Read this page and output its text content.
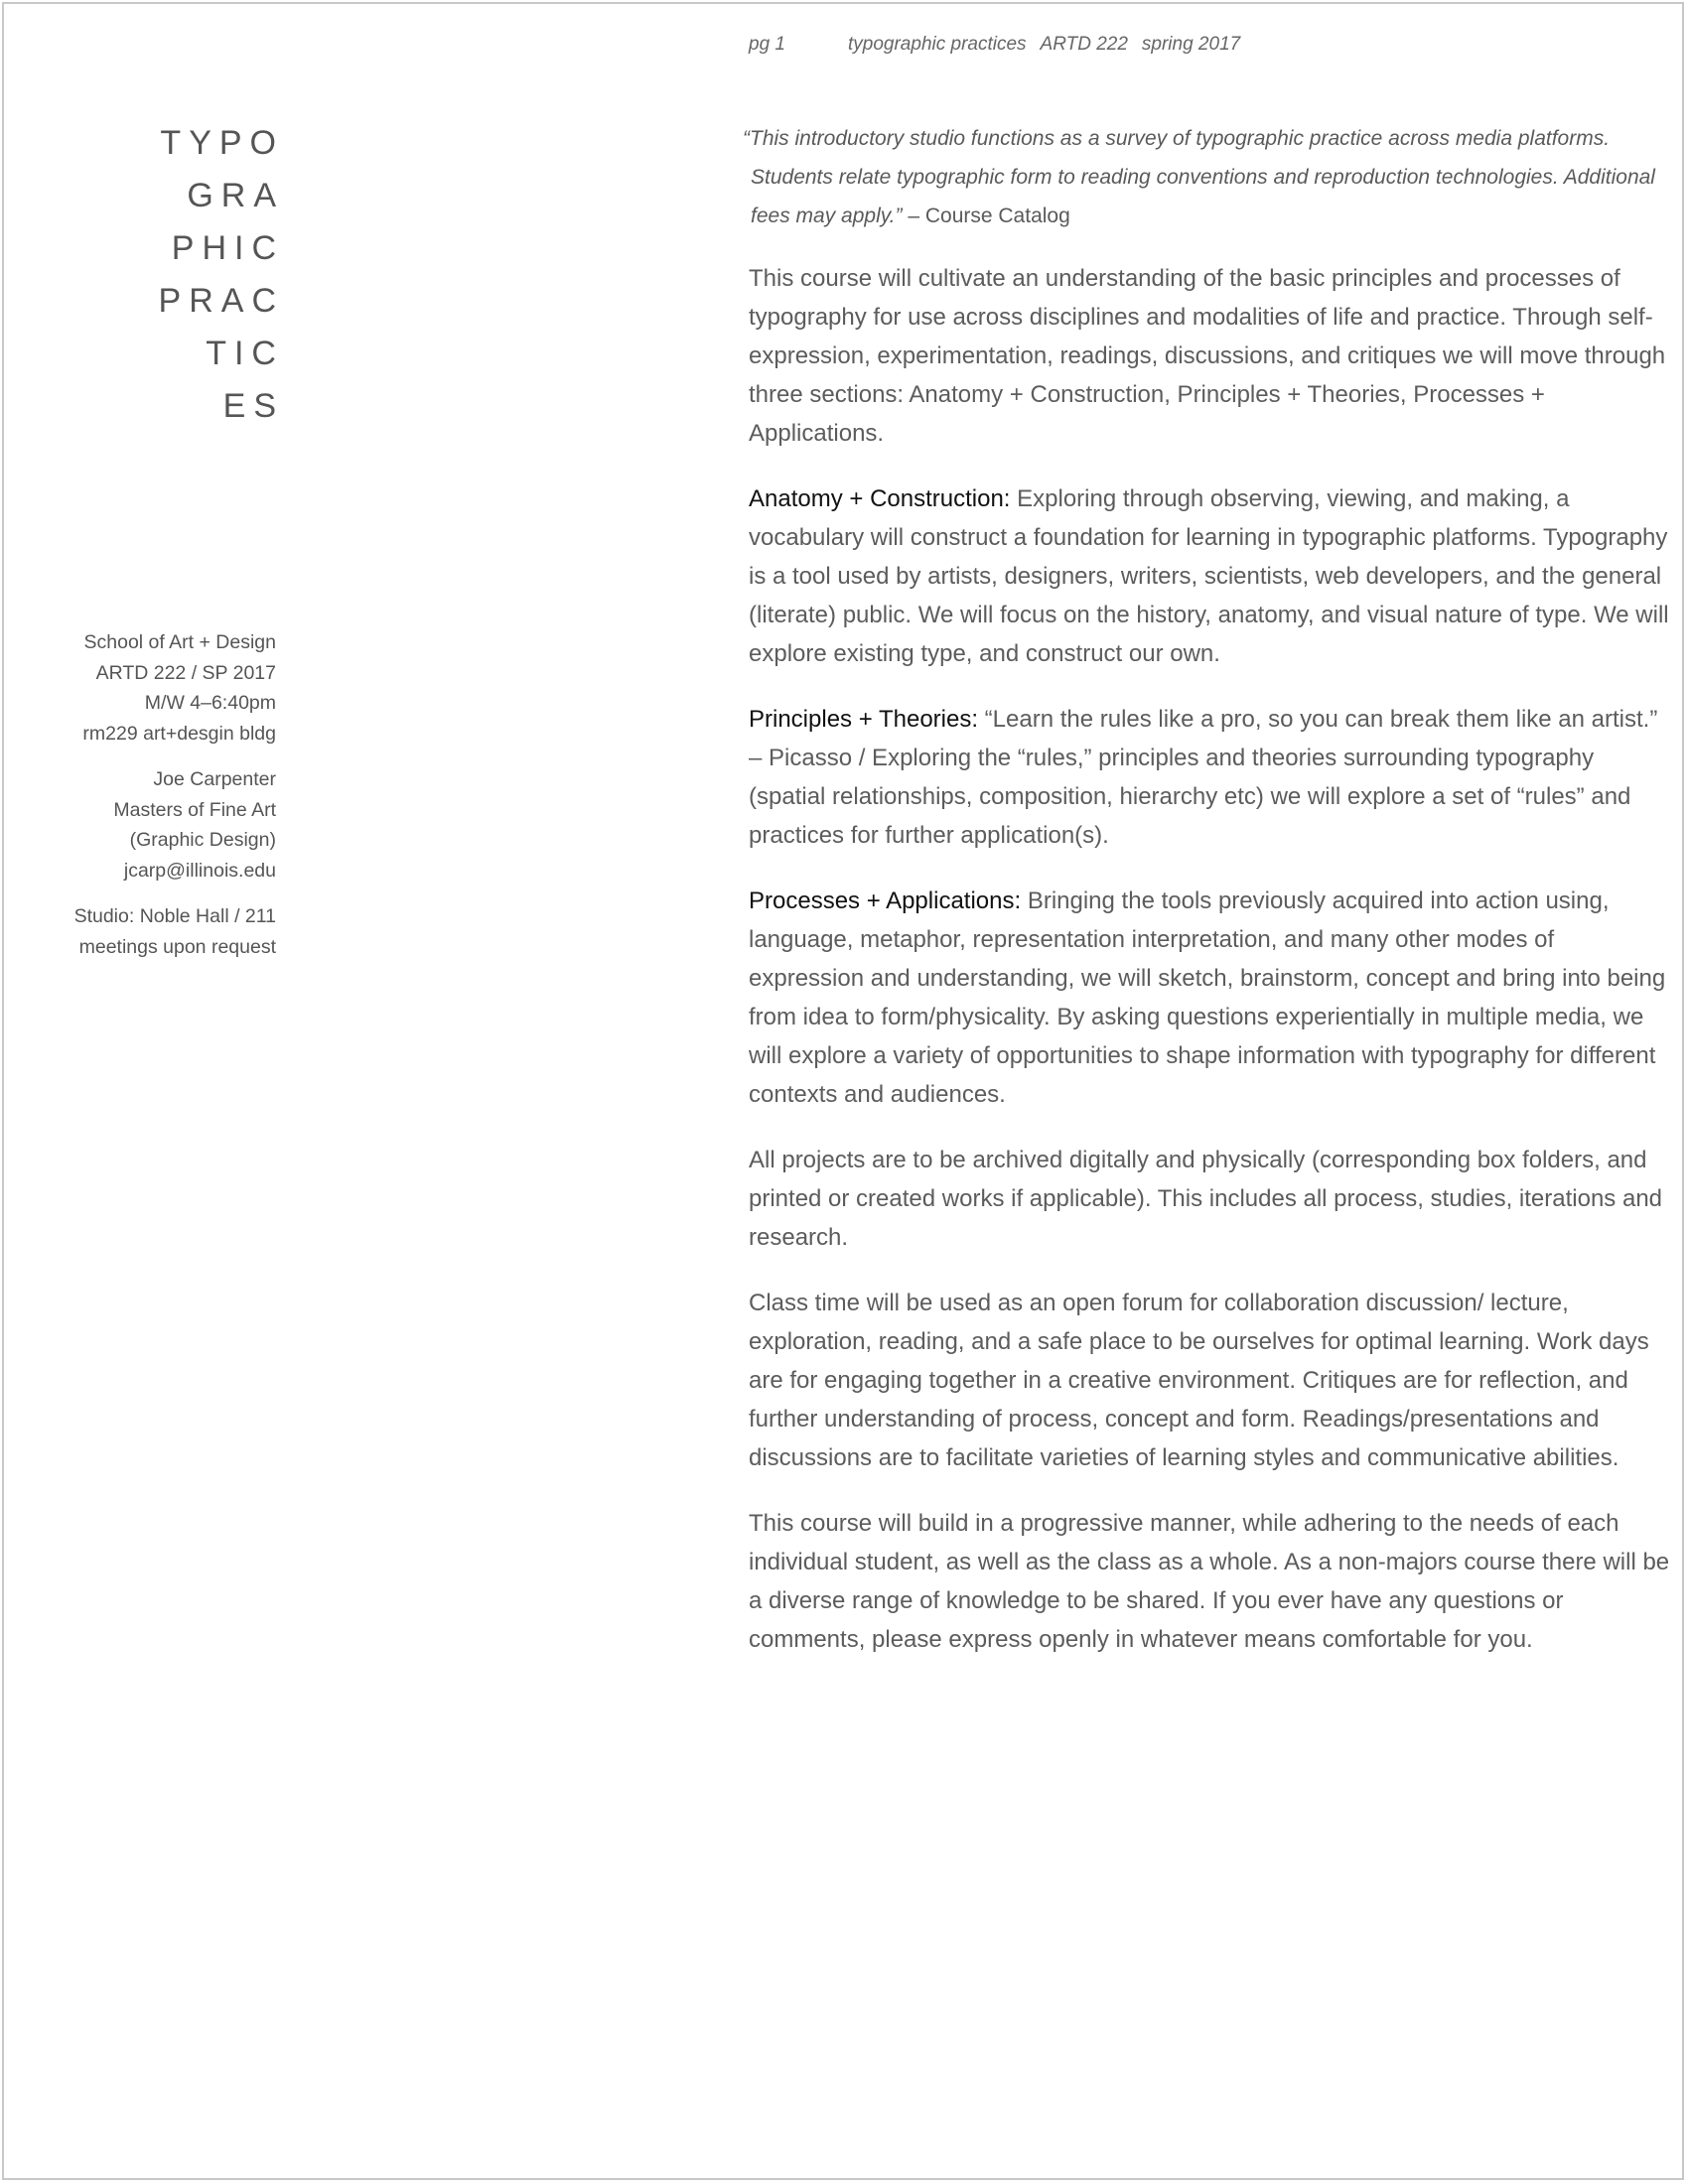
pg 1	typographic practices ARTD 222 spring 2017
TYPO
GRA
PHIC
PRAC
TIC
ES
School of Art + Design
ARTD 222 / SP 2017
M/W 4–6:40pm
rm229 art+desgin bldg
Joe Carpenter
Masters of Fine Art
(Graphic Design)
jcarp@illinois.edu
Studio: Noble Hall / 211
meetings upon request
“This introductory studio functions as a survey of typographic practice across media platforms. Students relate typographic form to reading conventions and reproduction technologies. Additional fees may apply.” – Course Catalog
This course will cultivate an understanding of the basic principles and processes of typography for use across disciplines and modalities of life and practice. Through self-expression, experimentation, readings, discussions, and critiques we will move through three sections: Anatomy + Construction, Principles + Theories, Processes + Applications.
Anatomy + Construction: Exploring through observing, viewing, and making, a vocabulary will construct a foundation for learning in typographic platforms. Typography is a tool used by artists, designers, writers, scientists, web developers, and the general (literate) public. We will focus on the history, anatomy, and visual nature of type. We will explore existing type, and construct our own.
Principles + Theories: “Learn the rules like a pro, so you can break them like an artist.” – Picasso / Exploring the “rules,” principles and theories surrounding typography (spatial relationships, composition, hierarchy etc) we will explore a set of “rules” and practices for further application(s).
Processes + Applications: Bringing the tools previously acquired into action using, language, metaphor, representation interpretation, and many other modes of expression and understanding, we will sketch, brainstorm, concept and bring into being from idea to form/physicality. By asking questions experientially in multiple media, we will explore a variety of opportunities to shape information with typography for different contexts and audiences.
All projects are to be archived digitally and physically (corresponding box folders, and printed or created works if applicable). This includes all process, studies, iterations and research.
Class time will be used as an open forum for collaboration discussion/ lecture, exploration, reading, and a safe place to be ourselves for optimal learning. Work days are for engaging together in a creative environment. Critiques are for reflection, and further understanding of process, concept and form. Readings/presentations and discussions are to facilitate varieties of learning styles and communicative abilities.
This course will build in a progressive manner, while adhering to the needs of each individual student, as well as the class as a whole. As a non-majors course there will be a diverse range of knowledge to be shared. If you ever have any questions or comments, please express openly in whatever means comfortable for you.
